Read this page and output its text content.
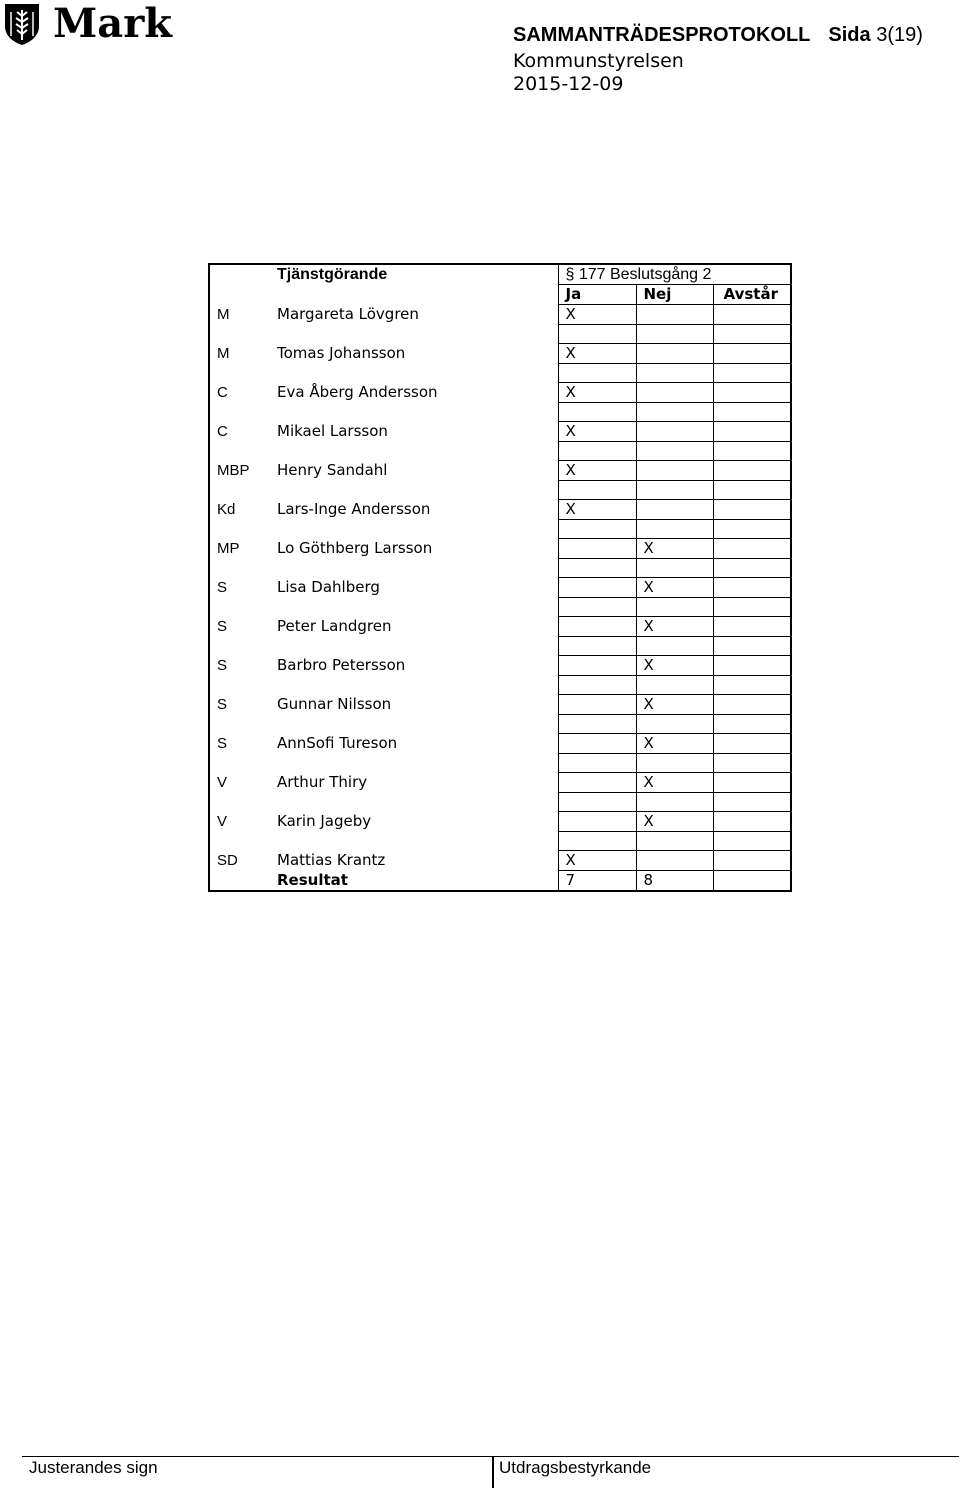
Mark	SAMMANTRÄDESPROTOKOLL Sida 3(19)
Kommunstyrelsen
2015-12-09
	Tjänstgörande	§ 177 Beslutsgång 2		
		Ja	Nej	Avstår
M	Margareta Lövgren	X		

M	Tomas Johansson	X		

C	Eva Åberg Andersson	X		

C	Mikael Larsson	X		

MBP	Henry Sandahl	X		

Kd	Lars-Inge Andersson	X		

MP	Lo Göthberg Larsson		X	

S	Lisa Dahlberg		X	

S	Peter Landgren		X	

S	Barbro Petersson		X	

S	Gunnar Nilsson		X	

S	AnnSofi Tureson		X	

V	Arthur Thiry		X	

V	Karin Jageby		X	

SD	Mattias Krantz	X		
	Resultat	7	8	
Justerandes sign	Utdragsbestyrkande
